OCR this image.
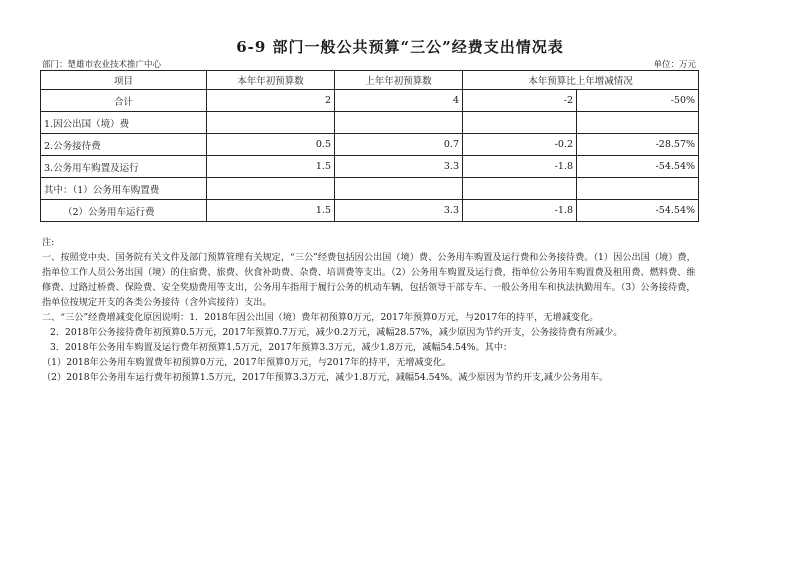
6-9 部门一般公共预算“三公”经费支出情况表
部门：楚雄市农业技术推广中心	单位：万元
项目	本年年初预算数	上年年初预算数	本年预算比上年增减情况	
合计	2	4	-2	-50%
1.因公出国（境）费				
2.公务接待费	0.5	0.7	-0.2	-28.57%
3.公务用车购置及运行	1.5	3.3	-1.8	-54.54%
其中：（1）公务用车购置费				
（2）公务用车运行费	1.5	3.3	-1.8	-54.54%

注:

一、按照党中央、国务院有关文件及部门预算管理有关规定，“三公”经费包括因公出国（境）费、公务用车购置及运行费和公务接待费。（1）因公出国（境）费，指单位工作人员公务出国（境）的住宿费、旅费、伙食补助费、杂费、培训费等支出。（2）公务用车购置及运行费，指单位公务用车购置费及租用费、燃料费、维修费、过路过桥费、保险费、安全奖励费用等支出，公务用车指用于履行公务的机动车辆，包括领导干部专车、一般公务用车和执法执勤用车。（3）公务接待费，指单位按规定开支的各类公务接待（含外宾接待）支出。

二、“三公”经费增减变化原因说明：1．2018年因公出国（境）费年初预算0万元，2017年预算0万元，与2017年的持平，无增减变化。

2．2018年公务接待费年初预算0.5万元，2017年预算0.7万元，减少0.2万元，减幅28.57%，减少原因为节约开支，公务接待费有所减少。

3．2018年公务用车购置及运行费年初预算1.5万元，2017年预算3.3万元，减少1.8万元，减幅54.54%。其中：

（1）2018年公务用车购置费年初预算0万元，2017年预算0万元，与2017年的持平，无增减变化。

（2）2018年公务用车运行费年初预算1.5万元，2017年预算3.3万元，减少1.8万元，减幅54.54%。减少原因为节约开支,减少公务用车。
